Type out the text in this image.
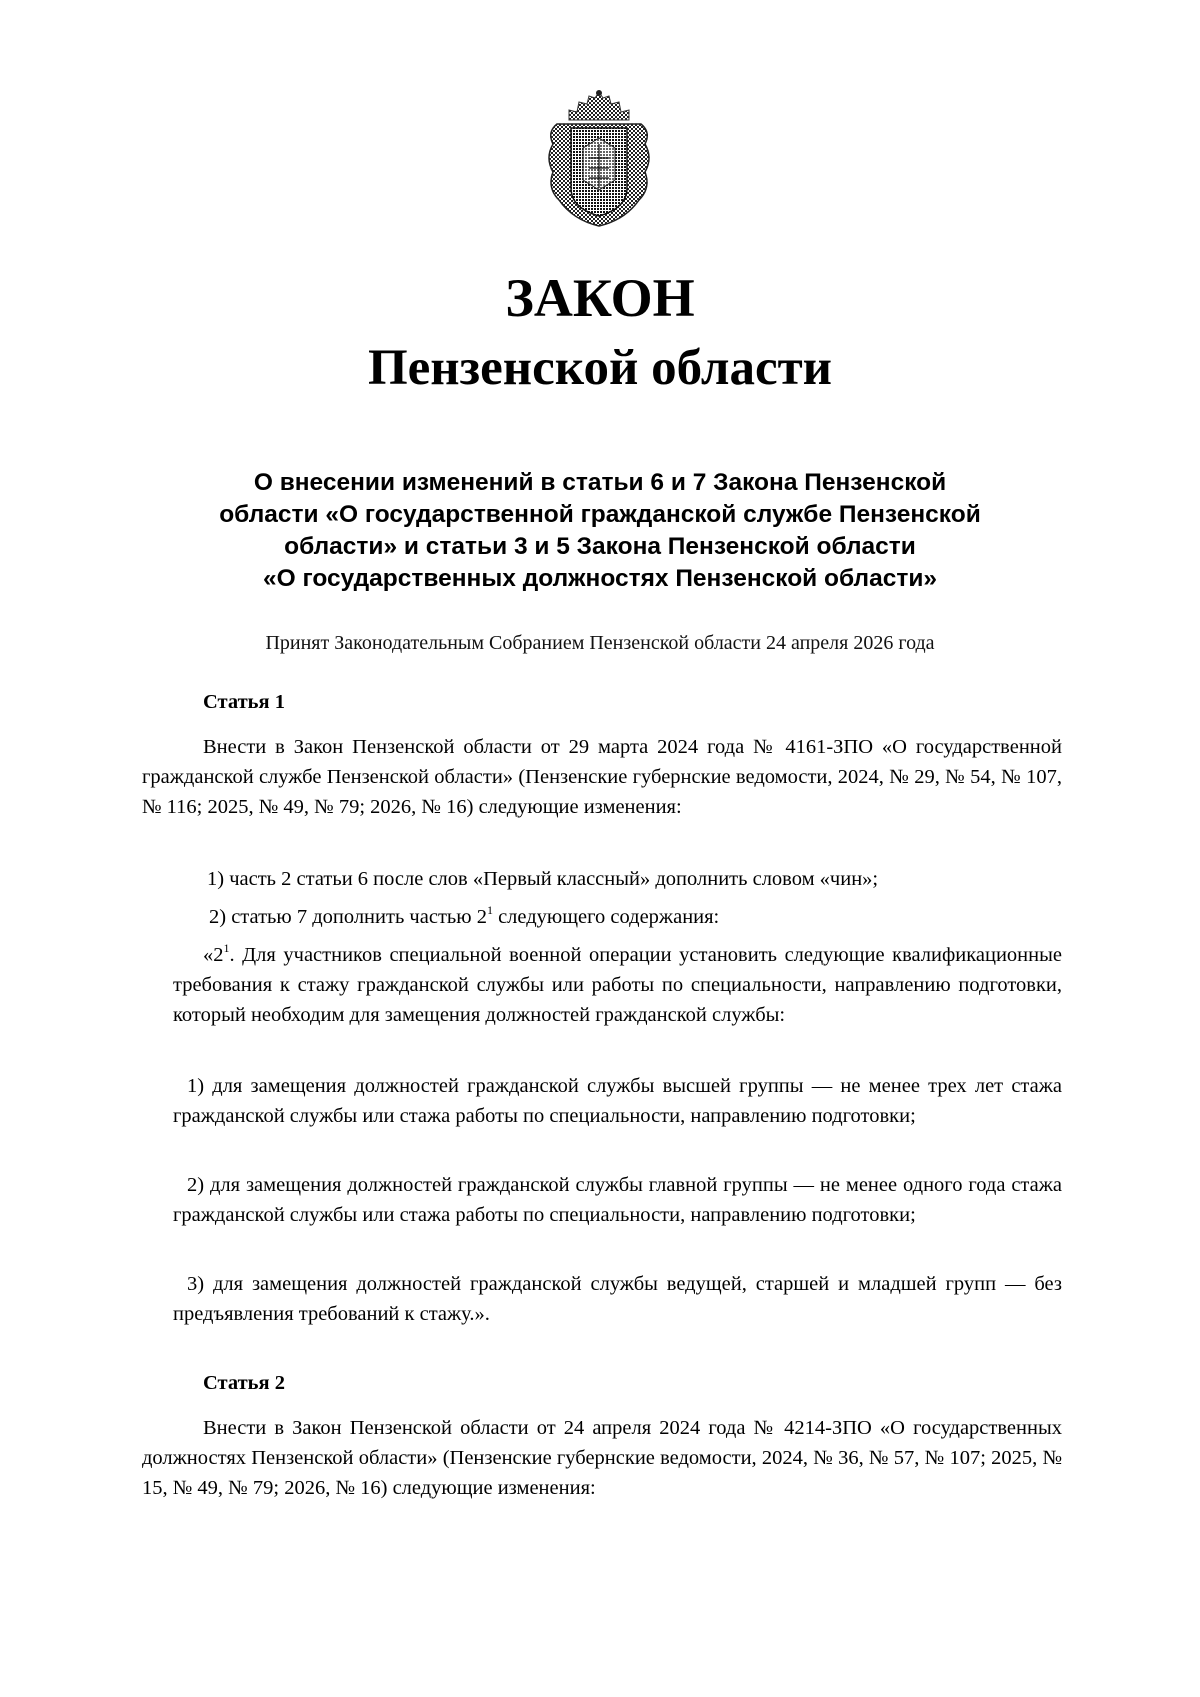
ЗАКОН
Пензенской области
О внесении изменений в статьи 6 и 7 Закона Пензенской
области «О государственной гражданской службе Пензенской
области» и статьи 3 и 5 Закона Пензенской области
«О государственных должностях Пензенской области»
Принят Законодательным Собранием Пензенской области 24 апреля 2026 года
Статья 1
Внести в Закон Пензенской области от 29 марта 2024 года № 4161-ЗПО «О государственной гражданской службе Пензенской области» (Пензенские губернские ведомости, 2024, № 29, № 54, № 107, № 116; 2025, № 49, № 79; 2026, № 16) следующие изменения:
1) часть 2 статьи 6 после слов «Первый классный» дополнить словом «чин»;
2) статью 7 дополнить частью $2^1$ следующего содержания:
«$2^1$. Для участников специальной военной операции установить следующие квалификационные требования к стажу гражданской службы или работы по специальности, направлению подготовки, который необходим для замещения должностей гражданской службы:
1) для замещения должностей гражданской службы высшей группы — не менее трех лет стажа гражданской службы или стажа работы по специальности, направлению подготовки;
2) для замещения должностей гражданской службы главной группы — не менее одного года стажа гражданской службы или стажа работы по специальности, направлению подготовки;
3) для замещения должностей гражданской службы ведущей, старшей и младшей групп — без предъявления требований к стажу.».
Статья 2
Внести в Закон Пензенской области от 24 апреля 2024 года № 4214-ЗПО «О государственных должностях Пензенской области» (Пензенские губернские ведомости, 2024, № 36, № 57, № 107; 2025, № 15, № 49, № 79; 2026, № 16) следующие изменения:
